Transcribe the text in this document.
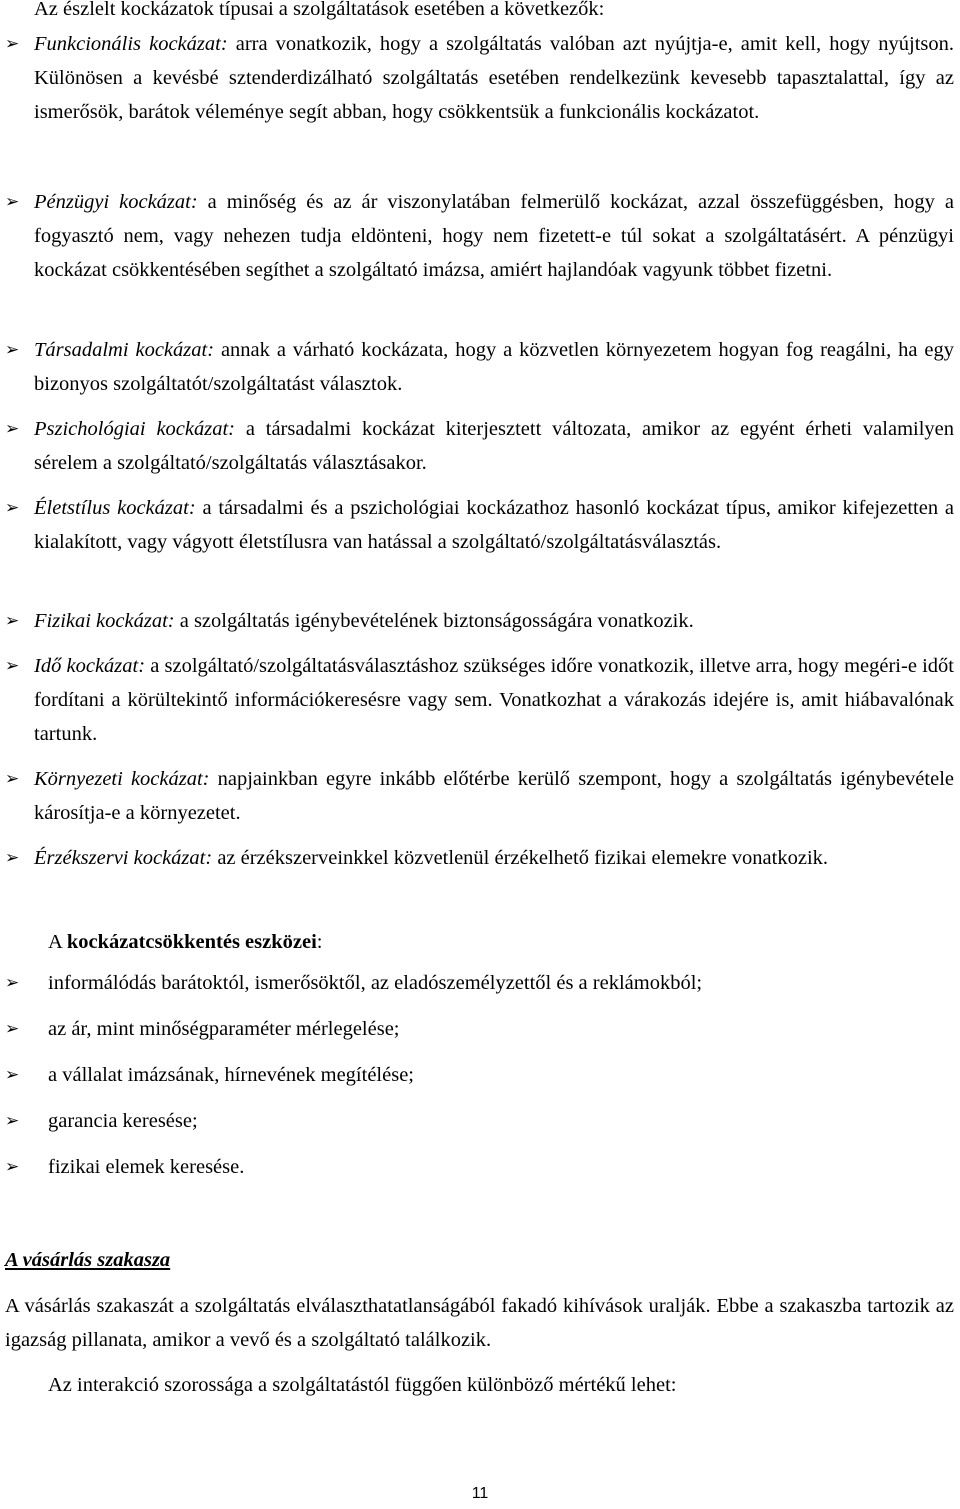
Az észlelt kockázatok típusai a szolgáltatások esetében a következők:
➢ Funkcionális kockázat: arra vonatkozik, hogy a szolgáltatás valóban azt nyújtja-e, amit kell, hogy nyújtson. Különösen a kevésbé sztenderdizálható szolgáltatás esetében rendelkezünk kevesebb tapasztalattal, így az ismerősök, barátok véleménye segít abban, hogy csökkentsük a funkcionális kockázatot.
➢ Pénzügyi kockázat: a minőség és az ár viszonylatában felmerülő kockázat, azzal összefüggésben, hogy a fogyasztó nem, vagy nehezen tudja eldönteni, hogy nem fizetett-e túl sokat a szolgáltatásért. A pénzügyi kockázat csökkentésében segíthet a szolgáltató imázsa, amiért hajlandóak vagyunk többet fizetni.
➢ Társadalmi kockázat: annak a várható kockázata, hogy a közvetlen környezetem hogyan fog reagálni, ha egy bizonyos szolgáltatót/szolgáltatást választok.
➢ Pszichológiai kockázat: a társadalmi kockázat kiterjesztett változata, amikor az egyént érheti valamilyen sérelem a szolgáltató/szolgáltatás választásakor.
➢ Életstílus kockázat: a társadalmi és a pszichológiai kockázathoz hasonló kockázat típus, amikor kifejezetten a kialakított, vagy vágyott életstílusra van hatással a szolgáltató/szolgáltatásválasztás.
➢ Fizikai kockázat: a szolgáltatás igénybevételének biztonságosságára vonatkozik.
➢ Idő kockázat: a szolgáltató/szolgáltatásválasztáshoz szükséges időre vonatkozik, illetve arra, hogy megéri-e időt fordítani a körültekintő információkeresésre vagy sem. Vonatkozhat a várakozás idejére is, amit hiábavalónak tartunk.
➢ Környezeti kockázat: napjainkban egyre inkább előtérbe kerülő szempont, hogy a szolgáltatás igénybevétele károsítja-e a környezetet.
➢ Érzékszervi kockázat: az érzékszerveinkkel közvetlenül érzékelhető fizikai elemekre vonatkozik.
A kockázatcsökkentés eszközei:
➢ informálódás barátoktól, ismerősöktől, az eladószemélyzettől és a reklámokból;
➢ az ár, mint minőségparaméter mérlegelése;
➢ a vállalat imázsának, hírnevének megítélése;
➢ garancia keresése;
➢ fizikai elemek keresése.
A vásárlás szakasza
A vásárlás szakaszát a szolgáltatás elválaszthatatlanságából fakadó kihívások uralják. Ebbe a szakaszba tartozik az igazság pillanata, amikor a vevő és a szolgáltató találkozik.
Az interakció szorossága a szolgáltatástól függően különböző mértékű lehet:
11
